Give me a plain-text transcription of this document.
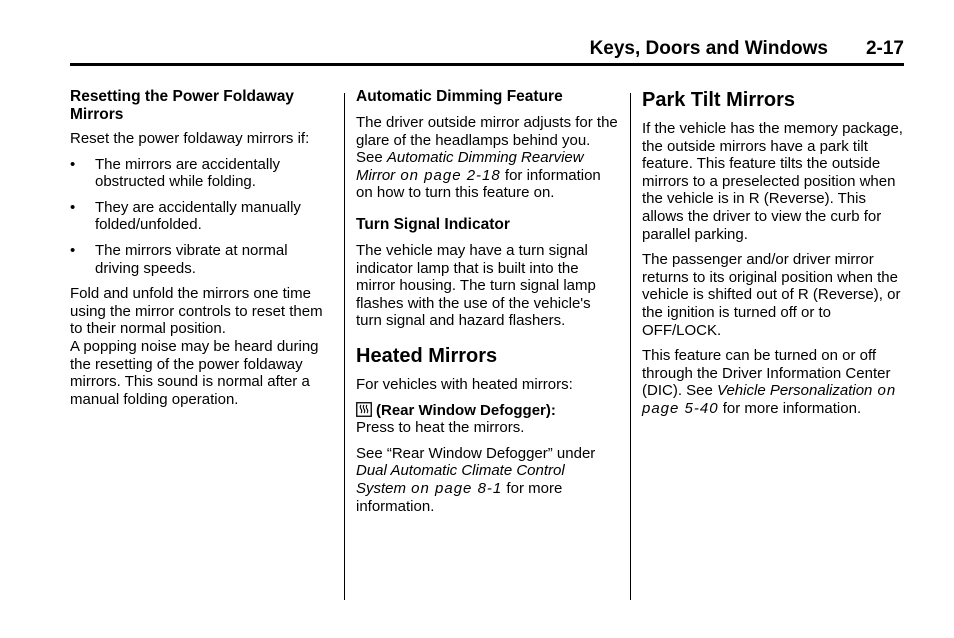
Keys, Doors and Windows 2-17

Resetting the Power Foldaway Mirrors

Reset the power foldaway mirrors if:

• The mirrors are accidentally obstructed while folding.
• They are accidentally manually folded/unfolded.
• The mirrors vibrate at normal driving speeds.

Fold and unfold the mirrors one time using the mirror controls to reset them to their normal position.

A popping noise may be heard during the resetting of the power foldaway mirrors. This sound is normal after a manual folding operation.

Automatic Dimming Feature

The driver outside mirror adjusts for the glare of the headlamps behind you. See Automatic Dimming Rearview Mirror on page 2-18 for information on how to turn this feature on.

Turn Signal Indicator

The vehicle may have a turn signal indicator lamp that is built into the mirror housing. The turn signal lamp flashes with the use of the vehicle's turn signal and hazard flashers.

Heated Mirrors

For vehicles with heated mirrors:

(Rear Window Defogger):
Press to heat the mirrors.

See “Rear Window Defogger” under Dual Automatic Climate Control System on page 8-1 for more information.

Park Tilt Mirrors

If the vehicle has the memory package, the outside mirrors have a park tilt feature. This feature tilts the outside mirrors to a preselected position when the vehicle is in R (Reverse). This allows the driver to view the curb for parallel parking.

The passenger and/or driver mirror returns to its original position when the vehicle is shifted out of R (Reverse), or the ignition is turned off or to OFF/LOCK.

This feature can be turned on or off through the Driver Information Center (DIC). See Vehicle Personalization on page 5-40 for more information.
